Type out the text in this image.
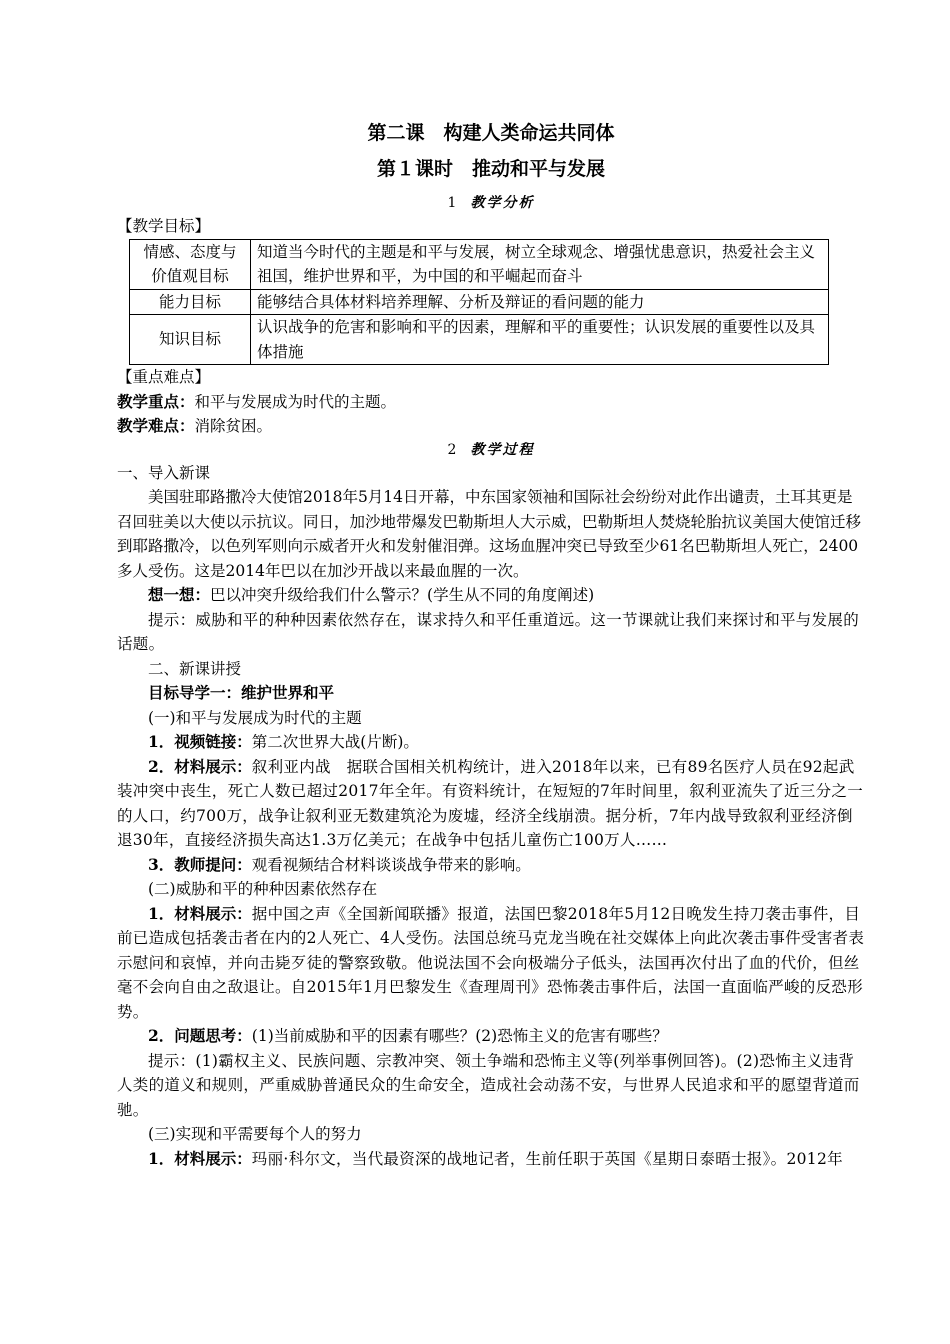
第二课　构建人类命运共同体

第１课时　推动和平与发展

1 教学分析

【教学目标】

情感、态度与价值观目标	知道当今时代的主题是和平与发展，树立全球观念、增强忧患意识，热爱社会主义祖国，维护世界和平，为中国的和平崛起而奋斗
能力目标	能够结合具体材料培养理解、分析及辩证的看问题的能力
知识目标	认识战争的危害和影响和平的因素，理解和平的重要性；认识发展的重要性以及具体措施

【重点难点】

教学重点：和平与发展成为时代的主题。

教学难点：消除贫困。

2 教学过程

一、导入新课

美国驻耶路撒冷大使馆2018年5月14日开幕，中东国家领袖和国际社会纷纷对此作出谴责，土耳其更是召回驻美以大使以示抗议。同日，加沙地带爆发巴勒斯坦人大示威，巴勒斯坦人焚烧轮胎抗议美国大使馆迁移到耶路撒冷，以色列军则向示威者开火和发射催泪弹。这场血腥冲突已导致至少61名巴勒斯坦人死亡，2400多人受伤。这是2014年巴以在加沙开战以来最血腥的一次。

想一想：巴以冲突升级给我们什么警示？(学生从不同的角度阐述)

提示：威胁和平的种种因素依然存在，谋求持久和平任重道远。这一节课就让我们来探讨和平与发展的话题。

二、新课讲授

目标导学一：维护世界和平

(一)和平与发展成为时代的主题

1．视频链接：第二次世界大战(片断)。

2．材料展示：叙利亚内战　据联合国相关机构统计，进入2018年以来，已有89名医疗人员在92起武装冲突中丧生，死亡人数已超过2017年全年。有资料统计，在短短的7年时间里，叙利亚流失了近三分之一的人口，约700万，战争让叙利亚无数建筑沦为废墟，经济全线崩溃。据分析，7年内战导致叙利亚经济倒退30年，直接经济损失高达1.3万亿美元；在战争中包括儿童伤亡100万人……

3．教师提问：观看视频结合材料谈谈战争带来的影响。

(二)威胁和平的种种因素依然存在

1．材料展示：据中国之声《全国新闻联播》报道，法国巴黎2018年5月12日晚发生持刀袭击事件，目前已造成包括袭击者在内的2人死亡、4人受伤。法国总统马克龙当晚在社交媒体上向此次袭击事件受害者表示慰问和哀悼，并向击毙歹徒的警察致敬。他说法国不会向极端分子低头，法国再次付出了血的代价，但丝毫不会向自由之敌退让。自2015年1月巴黎发生《查理周刊》恐怖袭击事件后，法国一直面临严峻的反恐形势。

2．问题思考：(1)当前威胁和平的因素有哪些？(2)恐怖主义的危害有哪些？

提示：(1)霸权主义、民族问题、宗教冲突、领土争端和恐怖主义等(列举事例回答)。(2)恐怖主义违背人类的道义和规则，严重威胁普通民众的生命安全，造成社会动荡不安，与世界人民追求和平的愿望背道而驰。

(三)实现和平需要每个人的努力

1．材料展示：玛丽·科尔文，当代最资深的战地记者，生前任职于英国《星期日泰晤士报》。2012年
